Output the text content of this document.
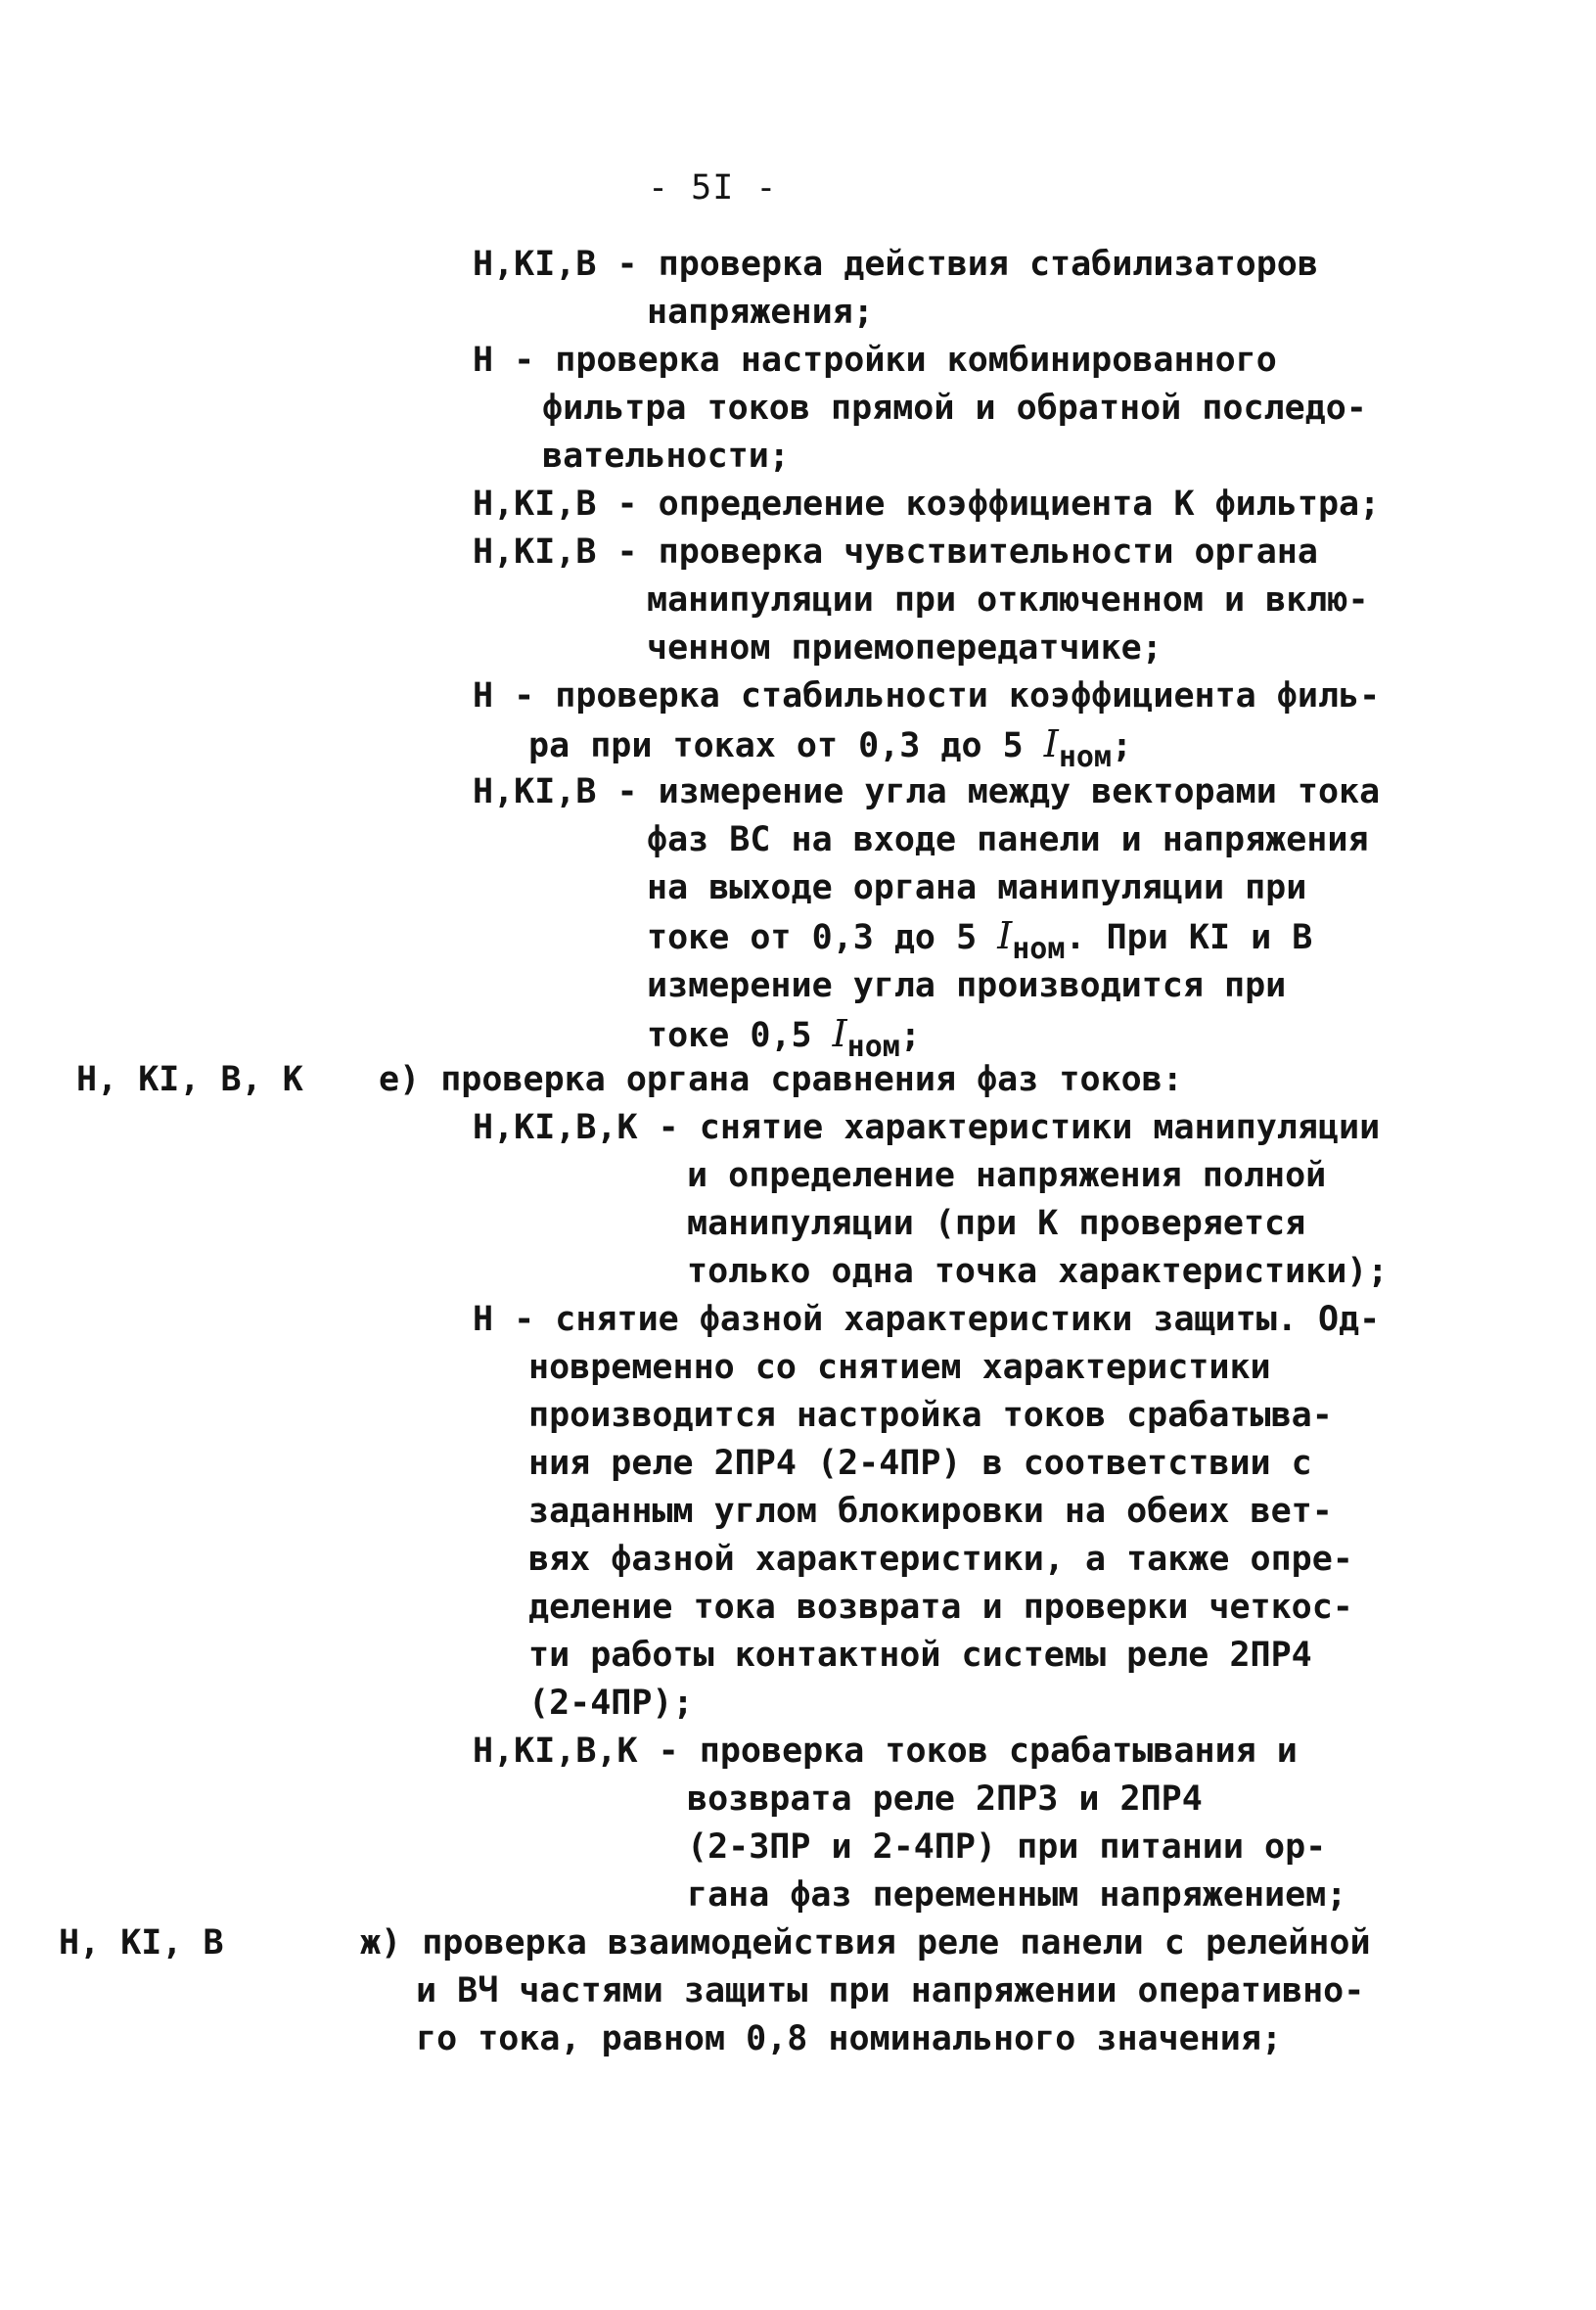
- 5I -
Н,КI,В - проверка действия стабилизаторов
напряжения;
Н - проверка настройки комбинированного
фильтра токов прямой и обратной последо-
вательности;
Н,КI,В - определение коэффициента К фильтра;
Н,КI,В - проверка чувствительности органа
манипуляции при отключенном и вклю-
ченном приемопередатчике;
Н - проверка стабильности коэффициента филь-
ра при токах от 0,3 до 5 $I_{ном}$;
Н,КI,В - измерение угла между векторами тока
фаз ВС на входе панели и напряжения
на выходе органа манипуляции при
токе от 0,3 до 5 $I_{ном}$. При КI и В
измерение угла производится при
токе 0,5 $I_{ном}$;
Н, КI, В, К е) проверка органа сравнения фаз токов:
Н,КI,В,К - снятие характеристики манипуляции
и определение напряжения полной
манипуляции (при К проверяется
только одна точка характеристики);
Н - снятие фазной характеристики защиты. Од-
новременно со снятием характеристики
производится настройка токов срабатыва-
ния реле 2ПР4 (2-4ПР) в соответствии с
заданным углом блокировки на обеих вет-
вях фазной характеристики, а также опре-
деление тока возврата и проверки четкос-
ти работы контактной системы реле 2ПР4
(2-4ПР);
Н,КI,В,К - проверка токов срабатывания и
возврата реле 2ПР3 и 2ПР4
(2-3ПР и 2-4ПР) при питании ор-
гана фаз переменным напряжением;
Н, КI, В	ж) проверка взаимодействия реле панели с релейной
и ВЧ частями защиты при напряжении оперативно-
го тока, равном 0,8 номинального значения;
